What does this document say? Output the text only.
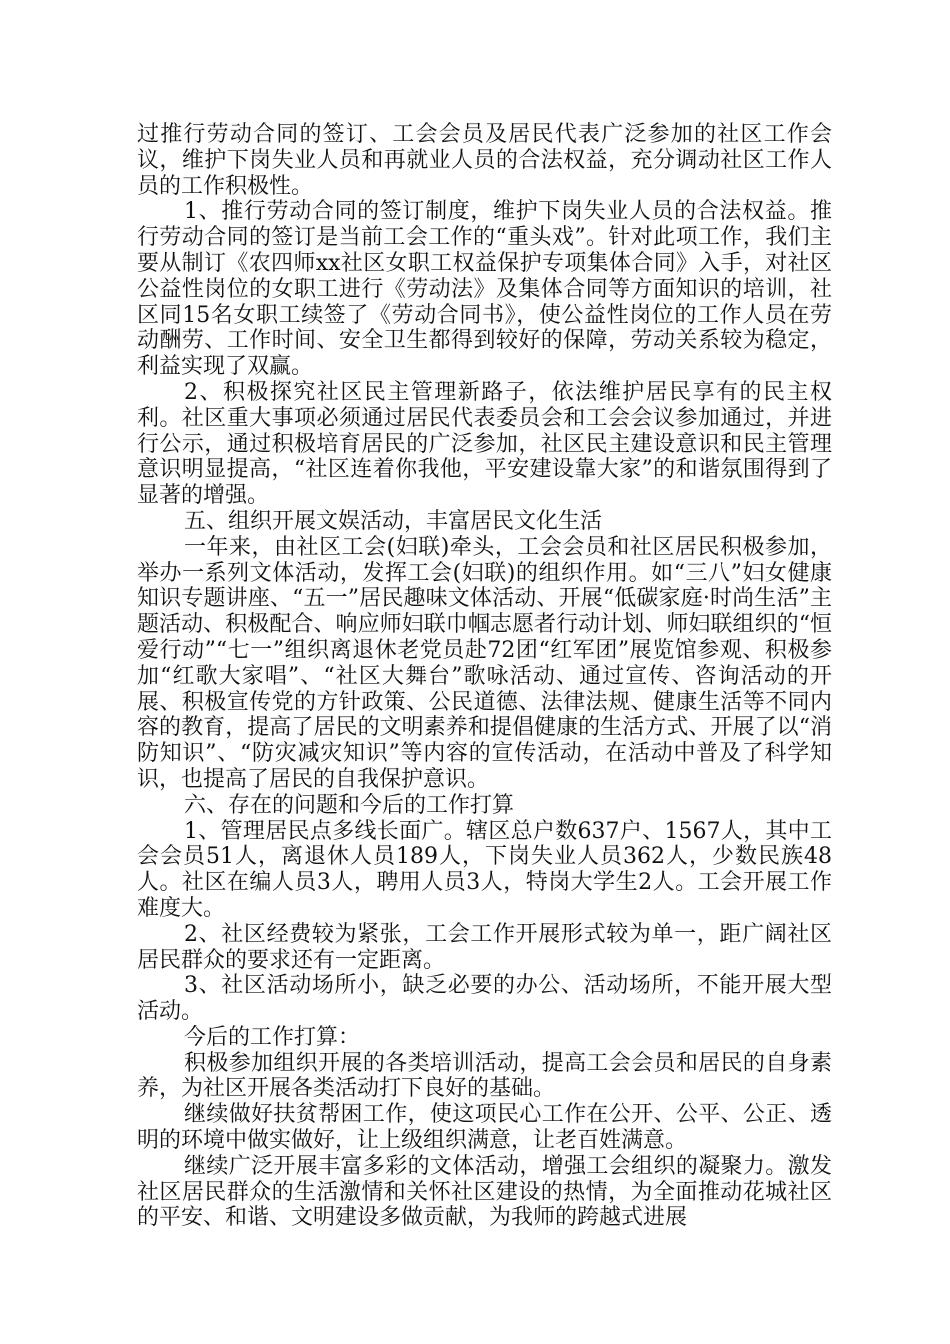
过推行劳动合同的签订、工会会员及居民代表广泛参加的社区工作会议，维护下岗失业人员和再就业人员的合法权益，充分调动社区工作人员的工作积极性。

1、推行劳动合同的签订制度，维护下岗失业人员的合法权益。推行劳动合同的签订是当前工会工作的“重头戏”。针对此项工作，我们主要从制订《农四师xx社区女职工权益保护专项集体合同》入手，对社区公益性岗位的女职工进行《劳动法》及集体合同等方面知识的培训，社区同15名女职工续签了《劳动合同书》，使公益性岗位的工作人员在劳动酬劳、工作时间、安全卫生都得到较好的保障，劳动关系较为稳定，利益实现了双赢。

2、积极探究社区民主管理新路子，依法维护居民享有的民主权利。社区重大事项必须通过居民代表委员会和工会会议参加通过，并进行公示，通过积极培育居民的广泛参加，社区民主建设意识和民主管理意识明显提高，“社区连着你我他，平安建设靠大家”的和谐氛围得到了显著的增强。

五、组织开展文娱活动，丰富居民文化生活

一年来，由社区工会(妇联)牵头，工会会员和社区居民积极参加，举办一系列文体活动，发挥工会(妇联)的组织作用。如“三八”妇女健康知识专题讲座、“五一”居民趣味文体活动、开展“低碳家庭·时尚生活”主题活动、积极配合、响应师妇联巾帼志愿者行动计划、师妇联组织的“恒爱行动”“七一”组织离退休老党员赴72团“红军团”展览馆参观、积极参加“红歌大家唱”、“社区大舞台”歌咏活动、通过宣传、咨询活动的开展、积极宣传党的方针政策、公民道德、法律法规、健康生活等不同内容的教育，提高了居民的文明素养和提倡健康的生活方式、开展了以“消防知识”、“防灾减灾知识”等内容的宣传活动，在活动中普及了科学知识，也提高了居民的自我保护意识。

六、存在的问题和今后的工作打算

1、管理居民点多线长面广。辖区总户数637户、1567人，其中工会会员51人，离退休人员189人，下岗失业人员362人，少数民族48人。社区在编人员3人，聘用人员3人，特岗大学生2人。工会开展工作难度大。

2、社区经费较为紧张，工会工作开展形式较为单一，距广阔社区居民群众的要求还有一定距离。

3、社区活动场所小，缺乏必要的办公、活动场所，不能开展大型活动。

今后的工作打算：

积极参加组织开展的各类培训活动，提高工会会员和居民的自身素养，为社区开展各类活动打下良好的基础。

继续做好扶贫帮困工作，使这项民心工作在公开、公平、公正、透明的环境中做实做好，让上级组织满意，让老百姓满意。

继续广泛开展丰富多彩的文体活动，增强工会组织的凝聚力。激发社区居民群众的生活激情和关怀社区建设的热情，为全面推动花城社区的平安、和谐、文明建设多做贡献，为我师的跨越式进展
